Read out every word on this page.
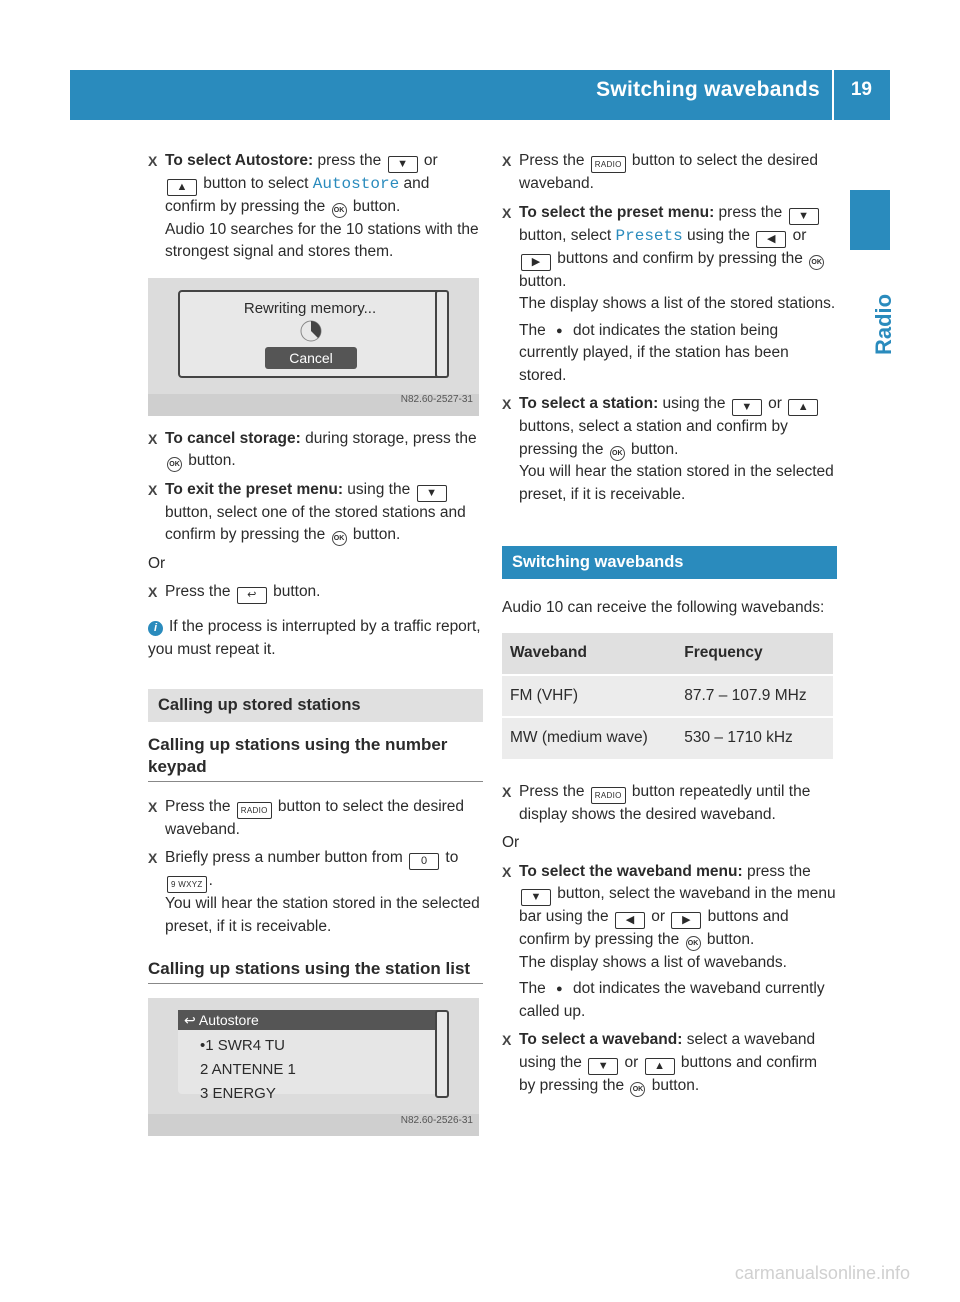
Switching wavebands 19
Radio
X To select Autostore: press the ▼ or
▲ button to select Autostore and confirm by pressing the OK button.
Audio 10 searches for the 10 stations with the strongest signal and stores them.
Rewriting memory...
Cancel
N82.60-2527-31
X To cancel storage: during storage, press the OK button.
X To exit the preset menu: using the ▼ button, select one of the stored stations and confirm by pressing the OK button.
Or
X Press the ↩ button.
i If the process is interrupted by a traffic report, you must repeat it.
Calling up stored stations
Calling up stations using the number keypad
X Press the RADIO button to select the desired waveband.
X Briefly press a number button from 0 to 9 WXYZ .
You will hear the station stored in the selected preset, if it is receivable.
Calling up stations using the station list
↩ Autostore
•1 SWR4 TU
2 ANTENNE 1
3 ENERGY
N82.60-2526-31
X Press the RADIO button to select the desired waveband.
X To select the preset menu: press the ▼ button, select Presets using the ◀ or ▶ buttons and confirm by pressing the OK button.
The display shows a list of the stored stations.
The ● dot indicates the station being currently played, if the station has been stored.
X To select a station: using the ▼ or ▲ buttons, select a station and confirm by pressing the OK button.
You will hear the station stored in the selected preset, if it is receivable.
Switching wavebands
Audio 10 can receive the following wavebands:
Waveband	Frequency
FM (VHF)	87.7 – 107.9 MHz
MW (medium wave)	530 – 1710 kHz
X Press the RADIO button repeatedly until the display shows the desired waveband.
Or
X To select the waveband menu: press the ▼ button, select the waveband in the menu bar using the ◀ or ▶ buttons and confirm by pressing the OK button.
The display shows a list of wavebands.
The ● dot indicates the waveband currently called up.
X To select a waveband: select a waveband using the ▼ or ▲ buttons and confirm by pressing the OK button.
carmanualsonline.info
